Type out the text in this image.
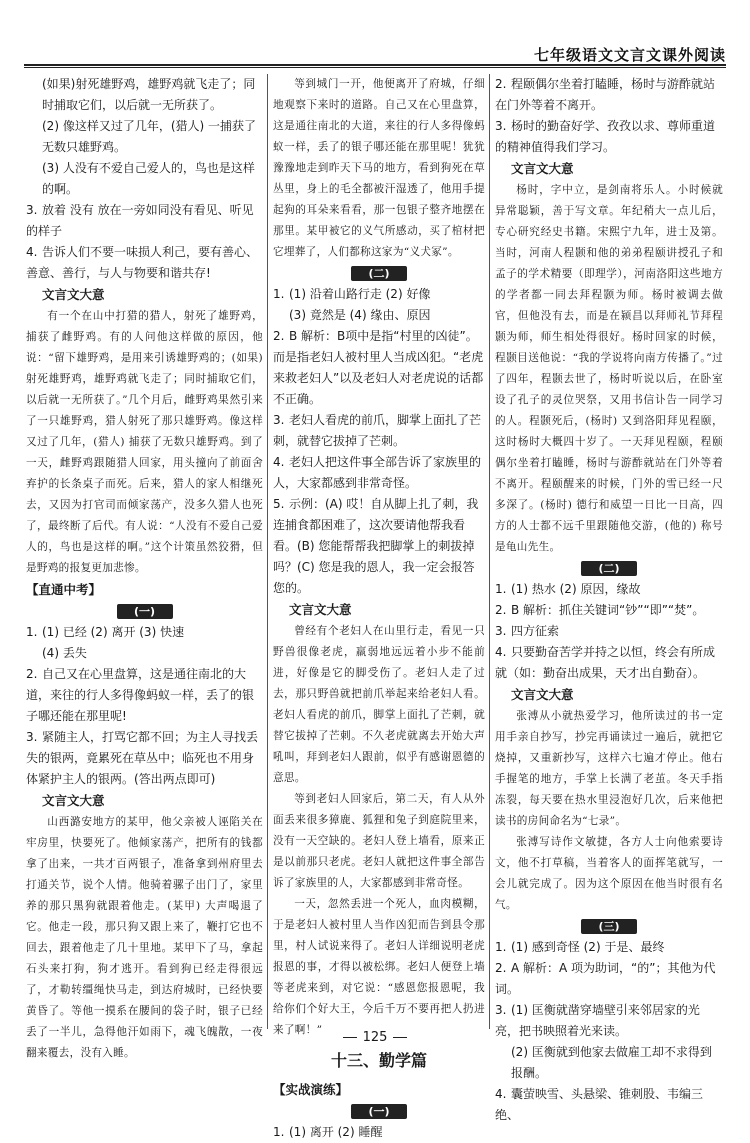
七年级语文文言文课外阅读

(如果)射死雄野鸡，雄野鸡就飞走了；同时捕取它们，以后就一无所获了。

(2) 像这样又过了几年，(猎人) 一捕获了无数只雄野鸡。

(3) 人没有不爱自己爱人的，鸟也是这样的啊。

3. 放着 没有 放在一旁如同没有看见、听见的样子

4. 告诉人们不要一味损人利己，要有善心、善意、善行，与人与物要和谐共存!

文言文大意

有一个在山中打猎的猎人，射死了雄野鸡，捕获了雌野鸡。有的人问他这样做的原因，他说：“留下雄野鸡，是用来引诱雄野鸡的；(如果)射死雄野鸡，雄野鸡就飞走了；同时捕取它们，以后就一无所获了。”几个月后，雌野鸡果然引来了一只雄野鸡，猎人射死了那只雄野鸡。像这样又过了几年，(猎人) 捕获了无数只雄野鸡。到了一天，雌野鸡跟随猎人回家，用头撞向了前面舍弃护的长条桌子而死。后来，猎人的家人相继死去，又因为打官司而倾家荡产，没多久猎人也死了，最终断了后代。有人说：“人没有不爱自己爱人的，鸟也是这样的啊。”这个计策虽然狡猾，但是野鸡的报复更加悲惨。

【直通中考】
(一)

1. (1) 已经 (2) 离开 (3) 快速

(4) 丢失

2. 自己又在心里盘算，这是通往南北的大道，来往的行人多得像蚂蚁一样，丢了的银子哪还能在那里呢!

3. 紧随主人，打骂它都不回；为主人寻找丢失的银两，竟累死在草丛中；临死也不用身体紧护主人的银两。(答出两点即可)

文言文大意

山西潞安地方的某甲，他父亲被人诬陷关在牢房里，快要死了。他倾家荡产，把所有的钱都拿了出来，一共才百两银子，准备拿到州府里去打通关节，说个人情。他骑着骡子出门了，家里养的那只黑狗就跟着他走。(某甲) 大声喝退了它。他走一段，那只狗又跟上来了，鞭打它也不回去，跟着他走了几十里地。某甲下了马，拿起石头来打狗，狗才逃开。看到狗已经走得很远了，才勒转缰绳快马走，到达府城时，已经快要黄昏了。等他一摸系在腰间的袋子时，银子已经丢了一半儿，急得他汗如雨下，魂飞魄散，一夜翻来覆去，没有入睡。

等到城门一开，他便离开了府城，仔细地观察下来时的道路。自己又在心里盘算，这是通往南北的大道，来往的行人多得像蚂蚁一样，丢了的银子哪还能在那里呢！犹犹豫豫地走到昨天下马的地方，看到狗死在草丛里，身上的毛全都被汗湿透了，他用手提起狗的耳朵来看看，那一包银子整齐地摆在那里。某甲被它的义气所感动，买了棺材把它埋葬了，人们都称这家为“义犬冢”。

(二)

1. (1) 沿着山路行走 (2) 好像

(3) 竟然是 (4) 缘由、原因

2. B 解析：B项中是指“村里的凶徒”。而是指老妇人被村里人当成凶犯。“老虎来救老妇人”以及老妇人对老虎说的话都不正确。

3. 老妇人看虎的前爪，脚掌上面扎了芒刺，就替它拔掉了芒刺。

4. 老妇人把这件事全部告诉了家族里的人，大家都感到非常奇怪。

5. 示例：(A) 哎！自从脚上扎了刺，我连捕食都困难了，这次要请他帮我看看。(B) 您能帮帮我把脚掌上的刺拔掉吗？(C) 您是我的恩人，我一定会报答您的。

文言文大意

曾经有个老妇人在山里行走，看见一只野兽很像老虎，羸弱地远远着小步不能前进，好像是它的脚受伤了。老妇人走了过去，那只野兽就把前爪举起来给老妇人看。老妇人看虎的前爪，脚掌上面扎了芒刺，就替它拔掉了芒刺。不久老虎就离去开始大声吼叫，拜到老妇人跟前，似乎有感谢恩德的意思。

等到老妇人回家后，第二天，有人从外面丢来很多獐鹿、狐狸和兔子到庭院里来，没有一天空缺的。老妇人登上墙看，原来正是以前那只老虎。老妇人就把这件事全部告诉了家族里的人，大家都感到非常奇怪。

一天，忽然丢进一个死人，血肉模糊，于是老妇人被村里人当作凶犯而告到县令那里，村人试说来得了。老妇人详细说明老虎报恩的事，才得以被松绑。老妇人便登上墙等老虎来到，对它说：“感恩您报恩呢，我给你们个好大王，今后千万不要再把人扔进来了啊！”

十三、勤学篇
【实战演练】
(一)

1. (1) 离开 (2) 睡醒

2. 程颐偶尔坐着打瞌睡，杨时与游酢就站在门外等着不离开。

3. 杨时的勤奋好学、孜孜以求、尊师重道的精神值得我们学习。

文言文大意

杨时，字中立，是剑南将乐人。小时候就异常聪颖，善于写文章。年纪稍大一点儿后，专心研究经史书籍。宋熙宁九年，进士及第。当时，河南人程颢和他的弟弟程颐讲授孔子和孟子的学术精要（即理学），河南洛阳这些地方的学者都一同去拜程颢为师。杨时被调去做官，但他没有去，而是在颍昌以拜师礼节拜程颢为师，师生相处得很好。杨时回家的时候，程颢目送他说：“我的学说将向南方传播了。”过了四年，程颢去世了，杨时听说以后，在卧室设了孔子的灵位哭祭，又用书信讣告一同学习的人。程颢死后，(杨时) 又到洛阳拜见程颐，这时杨时大概四十岁了。一天拜见程颐，程颐偶尔坐着打瞌睡，杨时与游酢就站在门外等着不离开。程颐醒来的时候，门外的雪已经一尺多深了。(杨时) 德行和威望一日比一日高，四方的人士都不远千里跟随他交游，(他的) 称号是龟山先生。

(二)

1. (1) 热水 (2) 原因，缘故

2. B 解析：抓住关键词“钞”“即”“焚”。

3. 四方征索

4. 只要勤奋苦学并持之以恒，终会有所成就（如：勤奋出成果，天才出自勤奋）。

文言文大意

张溥从小就热爱学习，他所读过的书一定用手亲自抄写，抄完再诵读过一遍后，就把它烧掉，又重新抄写，这样六七遍才停止。他右手握笔的地方，手掌上长满了老茧。冬天手指冻裂，每天要在热水里浸泡好几次，后来他把读书的房间命名为“七录”。

张溥写诗作文敏捷，各方人士向他索要诗文，他不打草稿，当着客人的面挥笔就写，一会儿就完成了。因为这个原因在他当时很有名气。

(三)

1. (1) 感到奇怪 (2) 于是、最终

2. A 解析：A 项为助词，“的”；其他为代词。

3. (1) 匡衡就凿穿墙壁引来邻居家的光亮，把书映照着光来读。

(2) 匡衡就到他家去做雇工却不求得到报酬。

4. 囊萤映雪、头悬梁、锥刺股、韦编三绝、

125
